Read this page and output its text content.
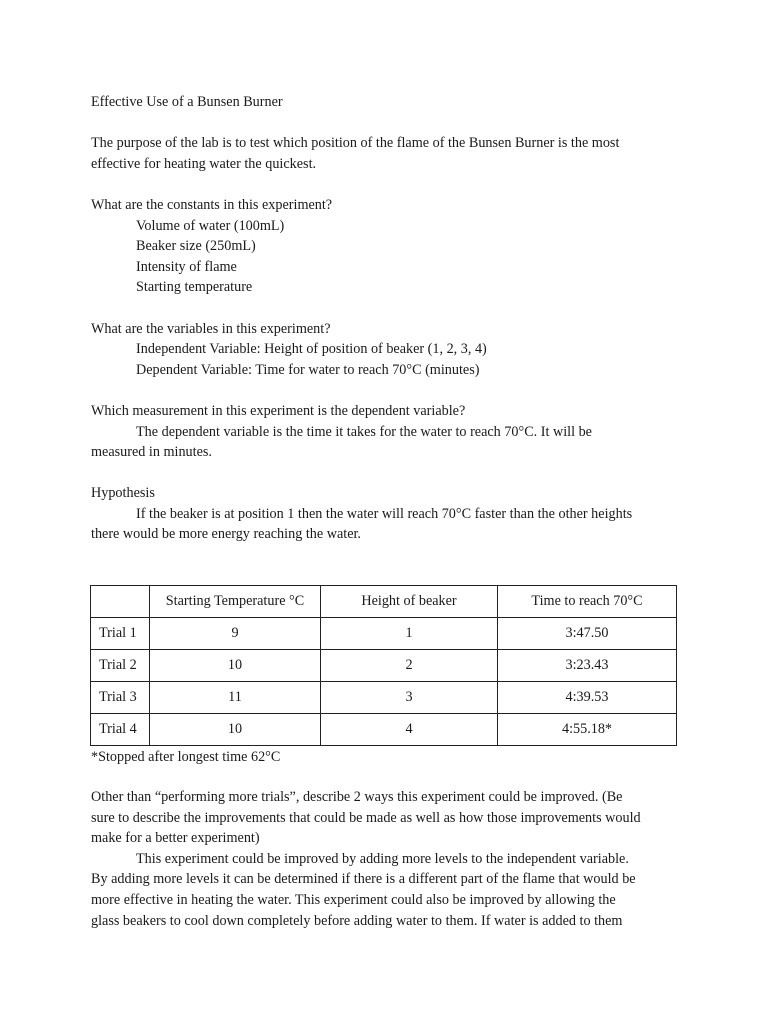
Effective Use of a Bunsen Burner
The purpose of the lab is to test which position of the flame of the Bunsen Burner is the most
effective for heating water the quickest.
What are the constants in this experiment?
Volume of water (100mL)
Beaker size (250mL)
Intensity of flame
Starting temperature
What are the variables in this experiment?
Independent Variable: Height of position of beaker (1, 2, 3, 4)
Dependent Variable: Time for water to reach 70°C (minutes)
Which measurement in this experiment is the dependent variable?
The dependent variable is the time it takes for the water to reach 70°C. It will be
measured in minutes.
Hypothesis
If the beaker is at position 1 then the water will reach 70°C faster than the other heights
there would be more energy reaching the water.
	Starting Temperature °C	Height of beaker	Time to reach 70°C
Trial 1	9	1	3:47.50
Trial 2	10	2	3:23.43
Trial 3	11	3	4:39.53
Trial 4	10	4	4:55.18*
*Stopped after longest time 62°C
Other than “performing more trials”, describe 2 ways this experiment could be improved. (Be
sure to describe the improvements that could be made as well as how those improvements would
make for a better experiment)
This experiment could be improved by adding more levels to the independent variable.
By adding more levels it can be determined if there is a different part of the flame that would be
more effective in heating the water. This experiment could also be improved by allowing the
glass beakers to cool down completely before adding water to them. If water is added to them
